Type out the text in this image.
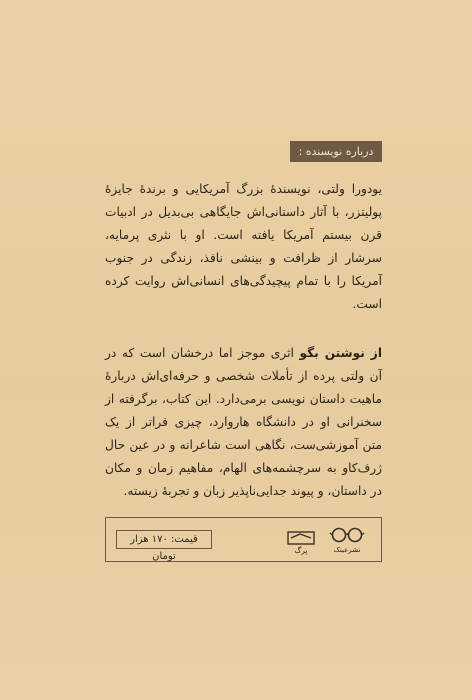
درباره نویسنده :
یودورا ولتی، نویسندهٔ بزرگ آمریکایی و برندهٔ جایزهٔ پولیتزر، با آثار داستانی‌اش جایگاهی بی‌بدیل در ادبیات قرن بیستم آمریکا یافته است. او با نثری پرمایه، سرشار از ظرافت و بینشی نافذ، زندگی در جنوب آمریکا را با تمام پیچیدگی‌های انسانی‌اش روایت کرده است.
از نوشتن بگو اثری موجز اما درخشان است که در آن ولتی پرده از تأملات شخصی و حرفه‌ای‌اش دربارهٔ ماهیت داستان نویسی برمی‌دارد. این کتاب، برگرفته از سخنرانی او در دانشگاه هاروارد، چیزی فراتر از یک متن آموزشی‌ست، نگاهی است شاعرانه و در عین حال ژرف‌کاو به سرچشمه‌های الهام، مفاهیم زمان و مکان در داستان، و پیوند جدایی‌ناپذیر زبان و تجربهٔ زیسته.
قیمت: ۱۷۰ هزار تومان
پرگ	نشرعینک
